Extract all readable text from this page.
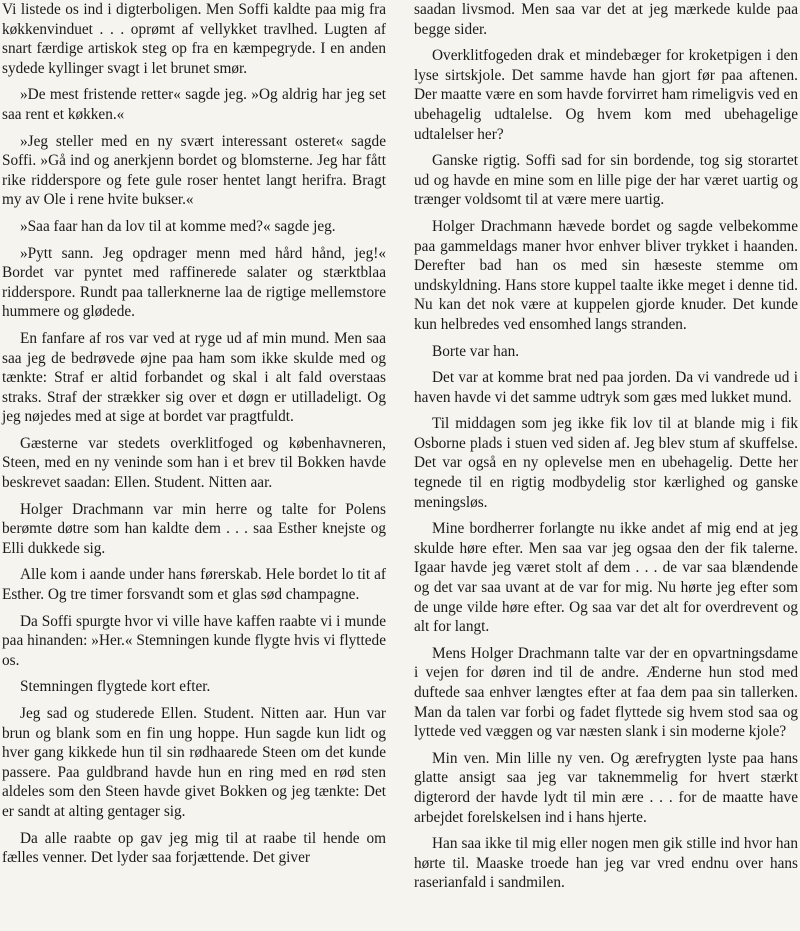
Vi listede os ind i digterboligen. Men Soffi kaldte paa mig fra køkkenvinduet . . . oprømt af vellykket travlhed. Lugten af snart færdige artiskok steg op fra en kæmpegryde. I en anden sydede kyllinger svagt i let brunet smør.

»De mest fristende retter« sagde jeg. »Og aldrig har jeg set saa rent et køkken.«

»Jeg steller med en ny svært interessant osteret« sagde Soffi. »Gå ind og anerkjenn bordet og blomsterne. Jeg har fått rike ridderspore og fete gule roser hentet langt herifra. Bragt my av Ole i rene hvite bukser.«

»Saa faar han da lov til at komme med?« sagde jeg.

»Pytt sann. Jeg opdrager menn med hård hånd, jeg!« Bordet var pyntet med raffinerede salater og stærktblaa ridderspore. Rundt paa tallerknerne laa de rigtige mellemstore hummere og glødede.

En fanfare af ros var ved at ryge ud af min mund. Men saa saa jeg de bedrøvede øjne paa ham som ikke skulde med og tænkte: Straf er altid forbandet og skal i alt fald overstaas straks. Straf der strækker sig over et døgn er utilladeligt. Og jeg nøjedes med at sige at bordet var pragtfuldt.

Gæsterne var stedets overklitfoged og københavneren, Steen, med en ny veninde som han i et brev til Bokken havde beskrevet saadan: Ellen. Student. Nitten aar.

Holger Drachmann var min herre og talte for Polens berømte døtre som han kaldte dem . . . saa Esther knejste og Elli dukkede sig.

Alle kom i aande under hans førerskab. Hele bordet lo tit af Esther. Og tre timer forsvandt som et glas sød champagne.

Da Soffi spurgte hvor vi ville have kaffen raabte vi i munde paa hinanden: »Her.« Stemningen kunde flygte hvis vi flyttede os.

Stemningen flygtede kort efter.

Jeg sad og studerede Ellen. Student. Nitten aar. Hun var brun og blank som en fin ung hoppe. Hun sagde kun lidt og hver gang kikkede hun til sin rødhaarede Steen om det kunde passere. Paa guldbrand havde hun en ring med en rød sten aldeles som den Steen havde givet Bokken og jeg tænkte: Det er sandt at alting gentager sig.

Da alle raabte op gav jeg mig til at raabe til hende om fælles venner. Det lyder saa forjættende. Det giver

saadan livsmod. Men saa var det at jeg mærkede kulde paa begge sider.

Overklitfogeden drak et mindebæger for kroketpigen i den lyse sirtskjole. Det samme havde han gjort før paa aftenen. Der maatte være en som havde forvirret ham rimeligvis ved en ubehagelig udtalelse. Og hvem kom med ubehagelige udtalelser her?

Ganske rigtig. Soffi sad for sin bordende, tog sig storartet ud og havde en mine som en lille pige der har været uartig og trænger voldsomt til at være mere uartig.

Holger Drachmann hævede bordet og sagde velbekomme paa gammeldags maner hvor enhver bliver trykket i haanden. Derefter bad han os med sin hæseste stemme om undskyldning. Hans store kuppel taalte ikke meget i denne tid. Nu kan det nok være at kuppelen gjorde knuder. Det kunde kun helbredes ved ensomhed langs stranden.

Borte var han.

Det var at komme brat ned paa jorden. Da vi vandrede ud i haven havde vi det samme udtryk som gæs med lukket mund.

Til middagen som jeg ikke fik lov til at blande mig i fik Osborne plads i stuen ved siden af. Jeg blev stum af skuffelse. Det var også en ny oplevelse men en ubehagelig. Dette her tegnede til en rigtig modbydelig stor kærlighed og ganske meningsløs.

Mine bordherrer forlangte nu ikke andet af mig end at jeg skulde høre efter. Men saa var jeg ogsaa den der fik talerne. Igaar havde jeg været stolt af dem . . . de var saa blændende og det var saa uvant at de var for mig. Nu hørte jeg efter som de unge vilde høre efter. Og saa var det alt for overdrevent og alt for langt.

Mens Holger Drachmann talte var der en opvartningsdame i vejen for døren ind til de andre. Ænderne hun stod med duftede saa enhver længtes efter at faa dem paa sin tallerken. Man da talen var forbi og fadet flyttede sig hvem stod saa og lyttede ved væggen og var næsten slank i sin moderne kjole?

Min ven. Min lille ny ven. Og ærefrygten lyste paa hans glatte ansigt saa jeg var taknemmelig for hvert stærkt digterord der havde lydt til min ære . . . for de maatte have arbejdet forelskelsen ind i hans hjerte.

Han saa ikke til mig eller nogen men gik stille ind hvor han hørte til. Maaske troede han jeg var vred endnu over hans raserianfald i sandmilen.
